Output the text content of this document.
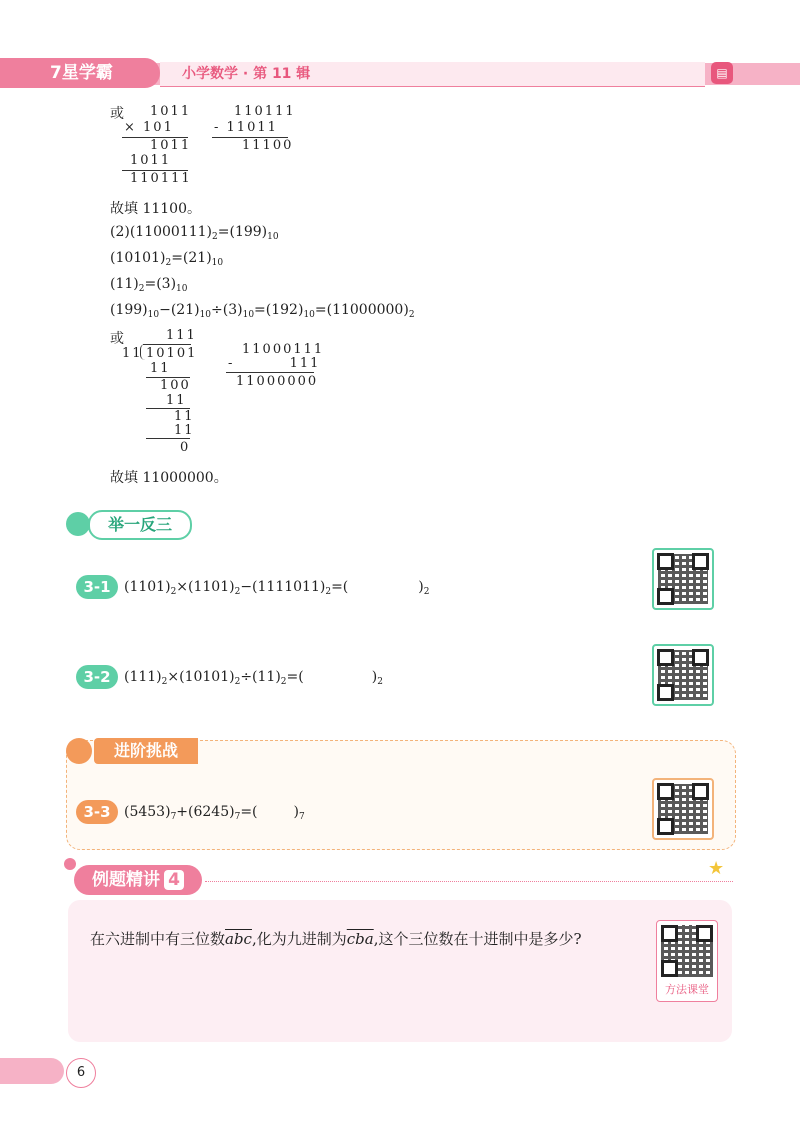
7星学霸	小学数学 · 第 11 辑	▤
或 1011
× 101
1011
1011
110111
110111
- 11011
11100
故填 11100。
$(2)(11000111)_2=(199)_{10}$
$(10101)_2=(21)_{10}$
$(11)_2=(3)_{10}$
$(199)_{10}-(21)_{10}\div(3)_{10}=(192)_{10}=(11000000)_2$
或	111
11 10101
11
100
11
11
11
0
11000111
-         111
11000000
故填 11000000。
举一反三
3-1 $(1101)_2\times(1101)_2-(1111011)_2=$(	)$_2$
3-2 $(111)_2\times(10101)_2\div(11)_2=$(	)$_2$
进阶挑战
3-3 $(5453)_7+(6245)_7=$(	)$_7$
例题精讲 4
★
在六进制中有三位数$\overline{abc}$,化为九进制为$\overline{cba}$,这个三位数在十进制中是多少?
方法课堂
6
